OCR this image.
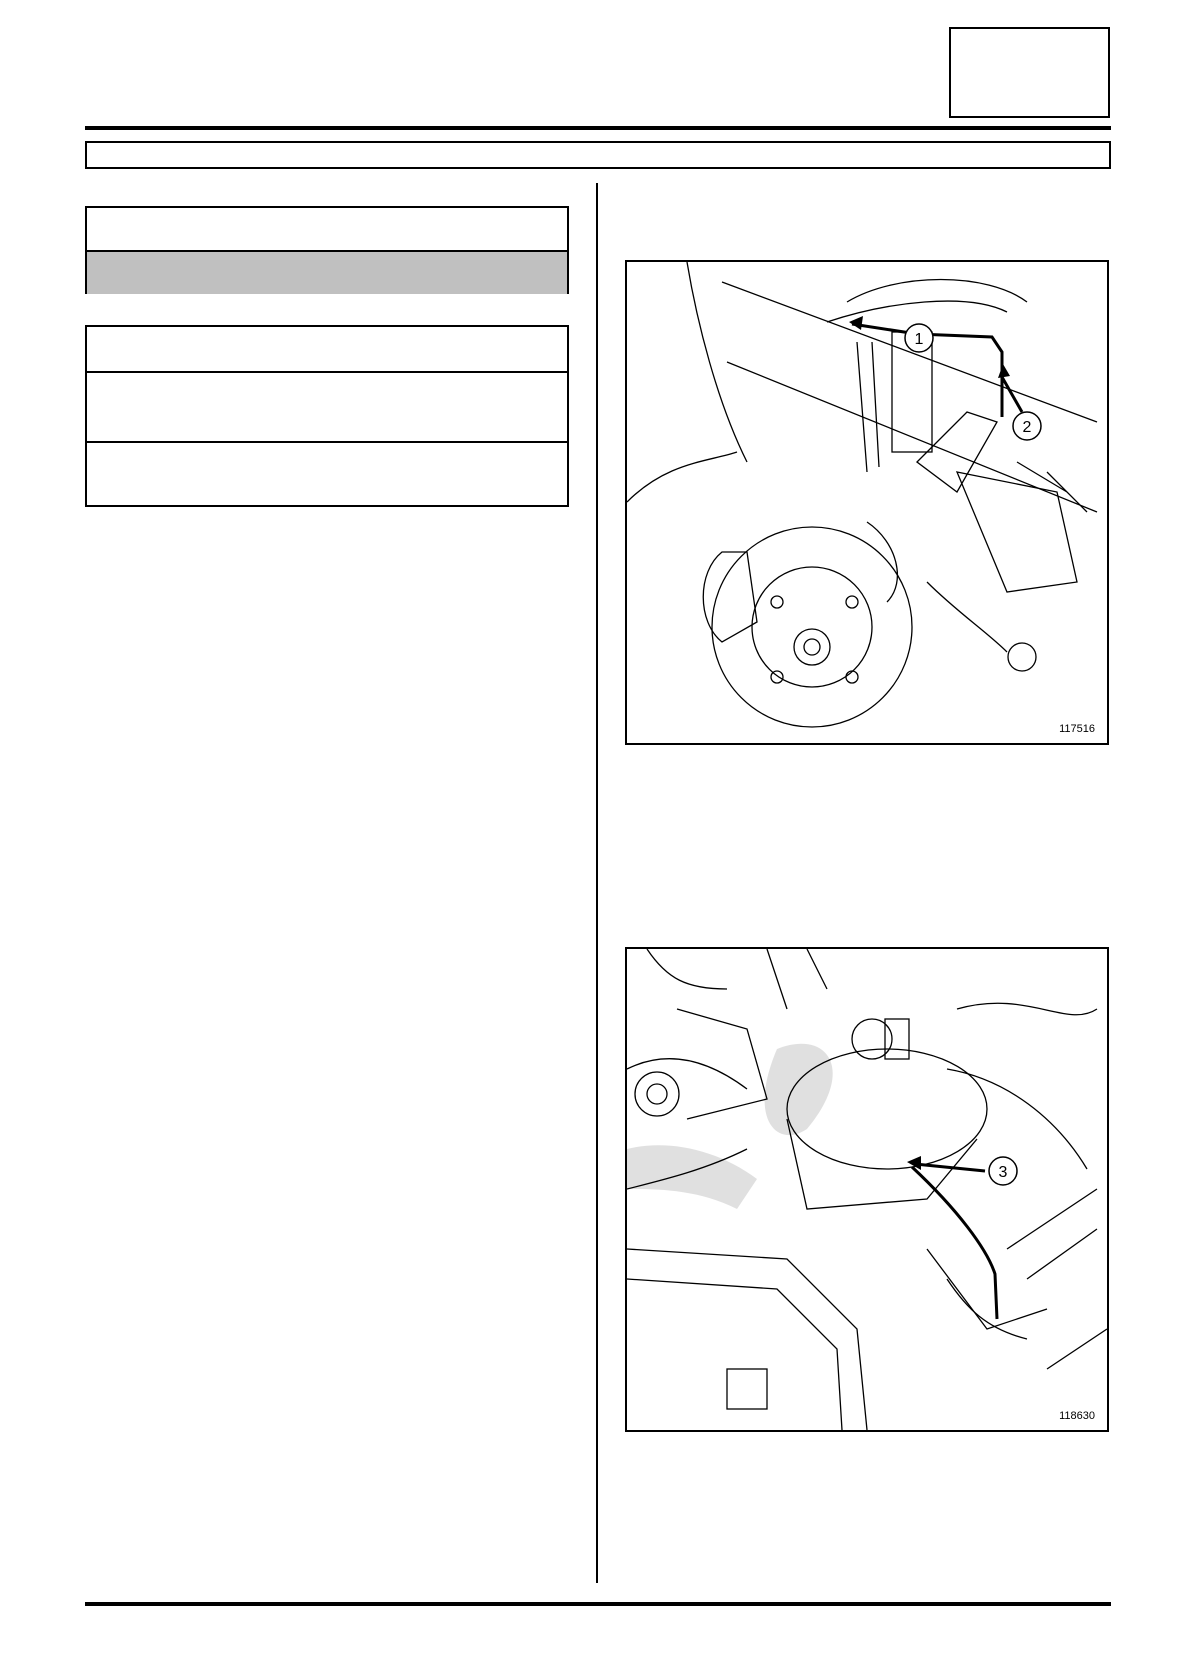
1
2
117516
3
118630
